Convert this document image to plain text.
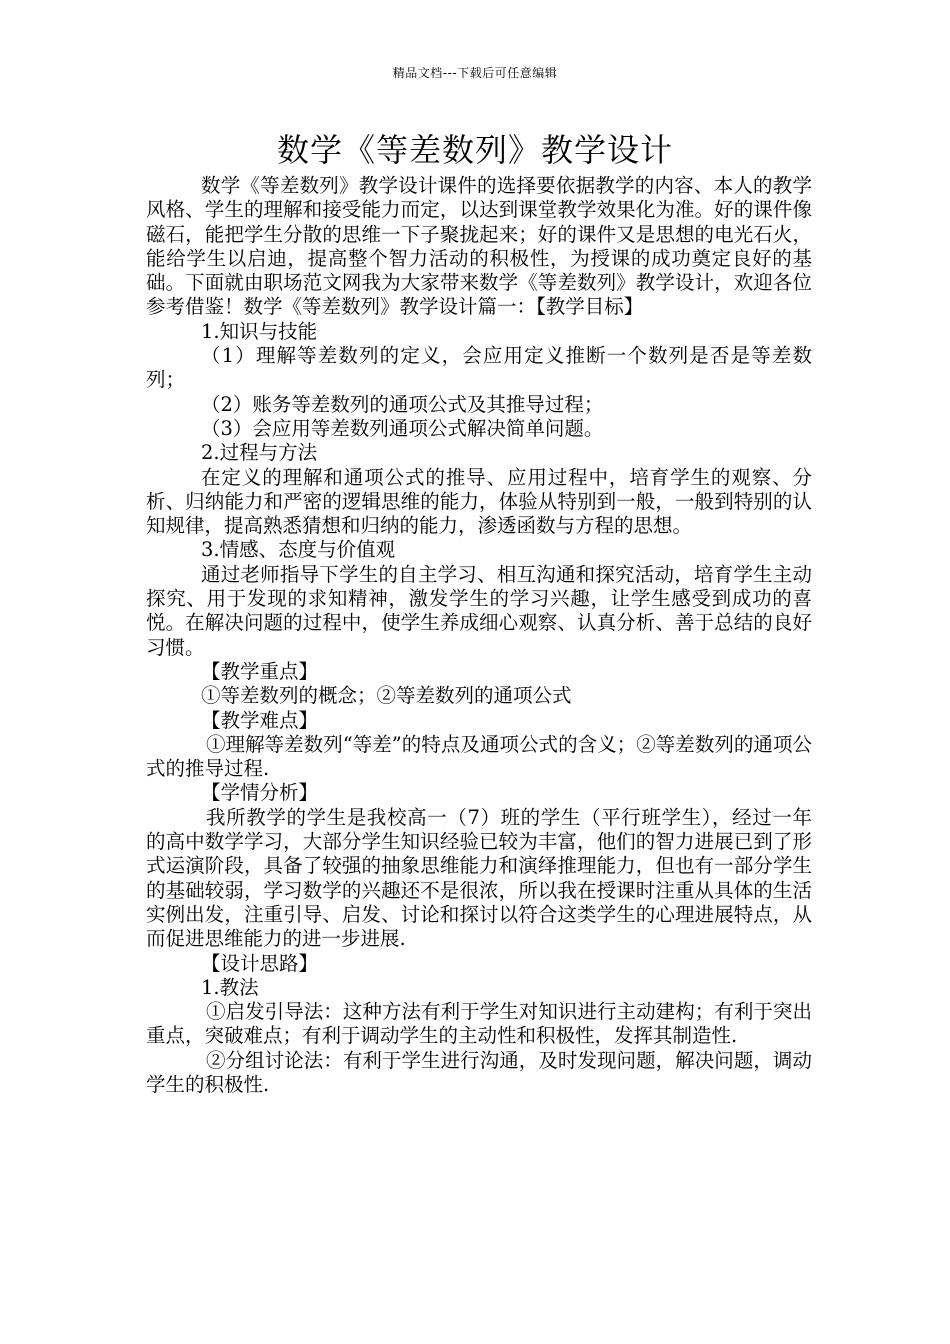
精品文档---下载后可任意编辑
数学《等差数列》教学设计

数学《等差数列》教学设计课件的选择要依据教学的内容、本人的教学风格、学生的理解和接受能力而定，以达到课堂教学效果化为准。好的课件像磁石，能把学生分散的思维一下子聚拢起来；好的课件又是思想的电光石火，能给学生以启迪，提高整个智力活动的积极性，为授课的成功奠定良好的基础。下面就由职场范文网我为大家带来数学《等差数列》教学设计，欢迎各位参考借鉴！数学《等差数列》教学设计篇一：【教学目标】

1.知识与技能

（1）理解等差数列的定义，会应用定义推断一个数列是否是等差数列；

（2）账务等差数列的通项公式及其推导过程；

（3）会应用等差数列通项公式解决简单问题。

2.过程与方法

在定义的理解和通项公式的推导、应用过程中，培育学生的观察、分析、归纳能力和严密的逻辑思维的能力，体验从特别到一般，一般到特别的认知规律，提高熟悉猜想和归纳的能力，渗透函数与方程的思想。

3.情感、态度与价值观

通过老师指导下学生的自主学习、相互沟通和探究活动，培育学生主动探究、用于发现的求知精神，激发学生的学习兴趣，让学生感受到成功的喜悦。在解决问题的过程中，使学生养成细心观察、认真分析、善于总结的良好习惯。

【教学重点】

①等差数列的概念；②等差数列的通项公式

【教学难点】

①理解等差数列“等差”的特点及通项公式的含义；②等差数列的通项公式的推导过程.

【学情分析】

我所教学的学生是我校高一（7）班的学生（平行班学生），经过一年的高中数学学习，大部分学生知识经验已较为丰富，他们的智力进展已到了形式运演阶段，具备了较强的抽象思维能力和演绎推理能力，但也有一部分学生的基础较弱，学习数学的兴趣还不是很浓，所以我在授课时注重从具体的生活实例出发，注重引导、启发、讨论和探讨以符合这类学生的心理进展特点，从而促进思维能力的进一步进展.

【设计思路】

1.教法

①启发引导法：这种方法有利于学生对知识进行主动建构；有利于突出重点，突破难点；有利于调动学生的主动性和积极性，发挥其制造性.

②分组讨论法：有利于学生进行沟通，及时发现问题，解决问题，调动学生的积极性.
